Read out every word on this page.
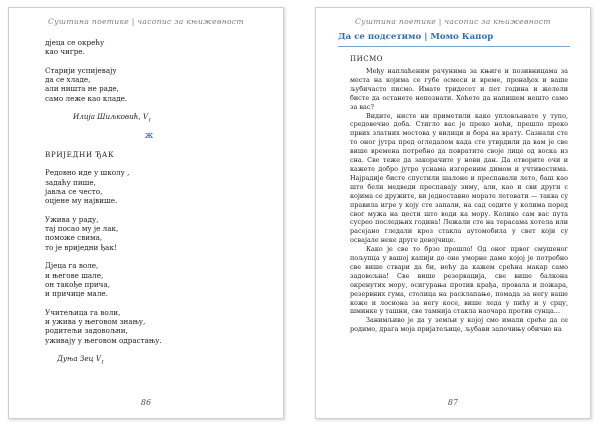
Суштина поетике | часопис за књижевност
дјеца се окрећу
као чигре.
Старији успијевају
да се хладе,
али ништа не раде,
само леже као кладе.
Илија Шиљковић, $V_1$
ж
ВРИЈЕДНИ ЂАК
Редовно иде у школу ,
задаћу пише,
јавља се често,
оцјене му највише.
Ужива у раду,
тај посао му је лак,
поможе свима,
то је вриједни ђак!
Дјеца га воле,
и његове шале,
он такође прича,
и причице мале.
Учитељица га воли,
и ужива у његовом знању,
родитељи задовољни,
уживају у његовом одрастању.
Дуња Зец $V_1$
86
Суштина поетике | часопис за књижевност
Да се подсетимо | Момо Капор
ПИСМО

Међу наплаћеним рачунима за књиге и позивницама за места на којима се губе осмеси и време, пронађох и ваше љубичасто писмо. Имате тридесет и пет година и желели бисте да останете непознати. Хоћете да напишем нешто само за вас?

Видите, нисте ни приметили како упловљавате у тупо, средовечно доба. Стигло вас је преко ноћи, прешло преко првих златних мостова у вилици и бора на врату. Сазнали сте то оног јутра пред огледалом када сте утврдили да вам је све више времена потребно да повратите своје лице од воска из сна. Све теже да закорачите у нови дан. Да отворите очи и кажете добро јутро уснама изгореним димом и учтивостима. Најрадије бисте спустили шалоне и преспавали лето, баш као што бели медведи преспавају зиму, али, као и сви други с којима се дружите, ви једноставно морате летовати — таква су правила игре у коју сте запали, на сад седите у колима поред свог мужа на цести што води ка мору. Колико сам вас пута сусрео последњих година! Лежали сте на терасама хотела или расејано гледали кроз стакла аутомобила у свет који су освајале неке друге девојчице.

Како је све то брзо прошло! Од оног првог смушеног пољупца у вашој капији до оне уморне даме којој је потребно све више ствари да би, нећу да кажем срећна макар само задовољна! Све више резервација, све више балкона окренутих мору, осигурања против крађа, провала и пожара, резервних гума, столица на расклапање, помада за негу ваше коже и лосиона за негу косе, више леда у пићу и у срцу, шминке у ташни, све тамнија стакла наочара против сунца...

Занимљиво је да у земљи у којој смо имали среће да се родимо, драга моја пријатељице, љубави започињу обично на

87
